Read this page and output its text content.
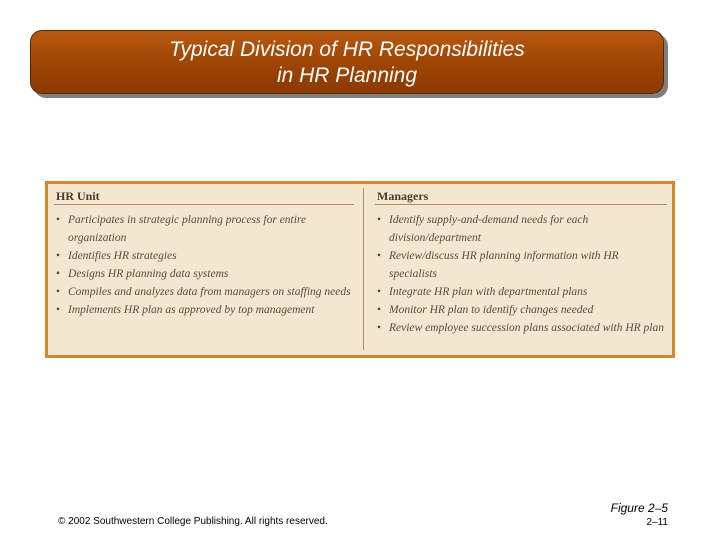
Typical Division of HR Responsibilities
in HR Planning
HR Unit
• Participates in strategic planning process for entire organization
• Identifies HR strategies
• Designs HR planning data systems
• Compiles and analyzes data from managers on staffing needs
• Implements HR plan as approved by top management
Managers
• Identify supply-and-demand needs for each division/department
• Review/discuss HR planning information with HR specialists
• Integrate HR plan with departmental plans
• Monitor HR plan to identify changes needed
• Review employee succession plans associated with HR plan
© 2002 Southwestern College Publishing. All rights reserved.
Figure 2–5
2–11
